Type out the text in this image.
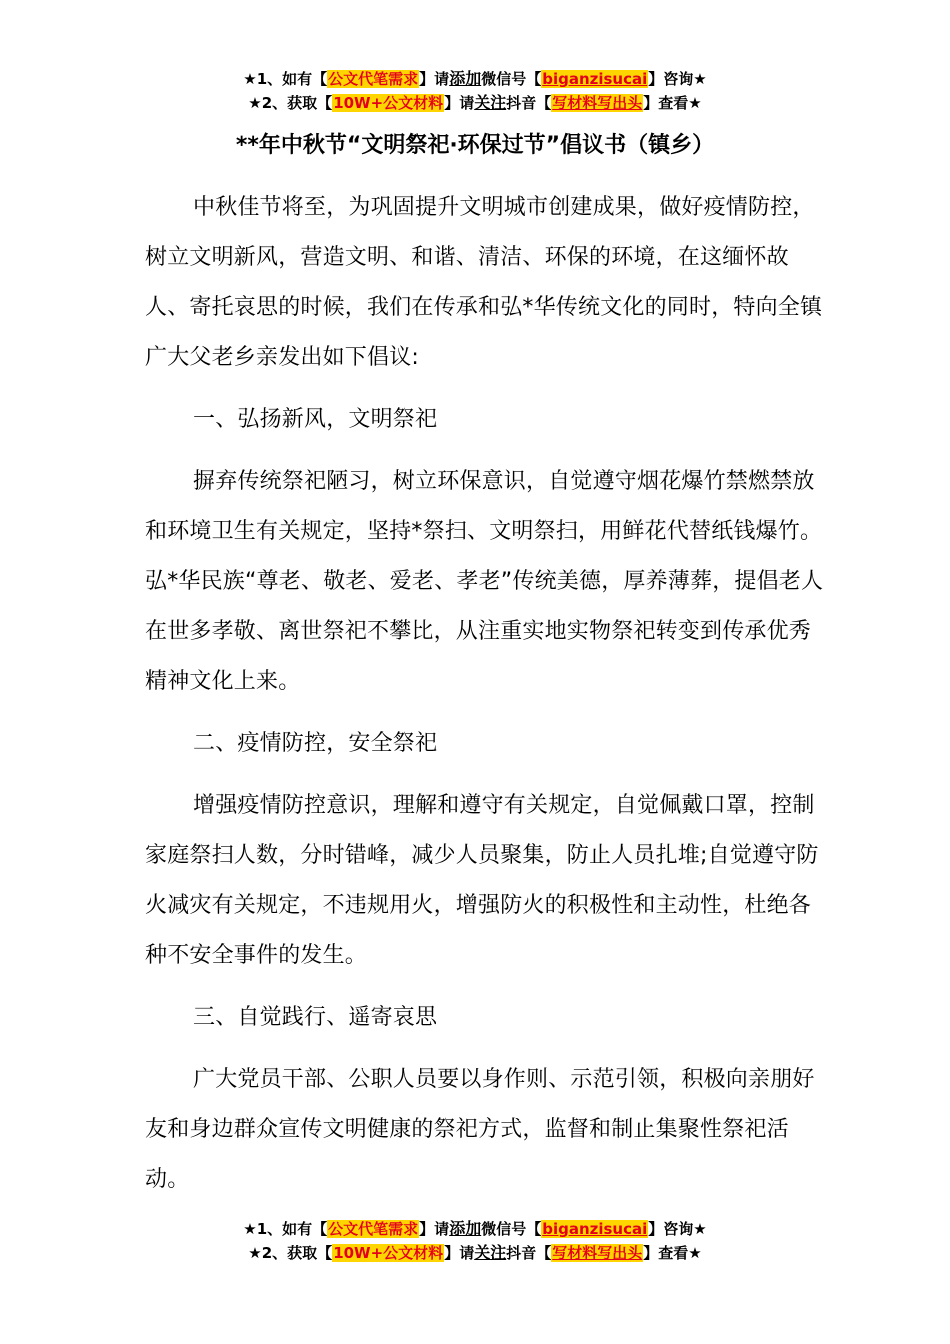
★1、如有【公文代笔需求】请添加微信号【biganzisucai】咨询★
★2、获取【10W+公文材料】请关注抖音【写材料写出头】查看★
**年中秋节“文明祭祀·环保过节”倡议书（镇乡）

中秋佳节将至，为巩固提升文明城市创建成果，做好疫情防控，树立文明新风，营造文明、和谐、清洁、环保的环境，在这缅怀故人、寄托哀思的时候，我们在传承和弘*华传统文化的同时，特向全镇广大父老乡亲发出如下倡议:

一、弘扬新风，文明祭祀

摒弃传统祭祀陋习，树立环保意识，自觉遵守烟花爆竹禁燃禁放和环境卫生有关规定，坚持*祭扫、文明祭扫，用鲜花代替纸钱爆竹。弘*华民族“尊老、敬老、爱老、孝老”传统美德，厚养薄葬，提倡老人在世多孝敬、离世祭祀不攀比，从注重实地实物祭祀转变到传承优秀精神文化上来。

二、疫情防控，安全祭祀

增强疫情防控意识，理解和遵守有关规定，自觉佩戴口罩，控制家庭祭扫人数，分时错峰，减少人员聚集，防止人员扎堆;自觉遵守防火减灾有关规定，不违规用火，增强防火的积极性和主动性，杜绝各种不安全事件的发生。

三、自觉践行、遥寄哀思

广大党员干部、公职人员要以身作则、示范引领，积极向亲朋好友和身边群众宣传文明健康的祭祀方式，监督和制止集聚性祭祀活动。

★1、如有【公文代笔需求】请添加微信号【biganzisucai】咨询★
★2、获取【10W+公文材料】请关注抖音【写材料写出头】查看★
